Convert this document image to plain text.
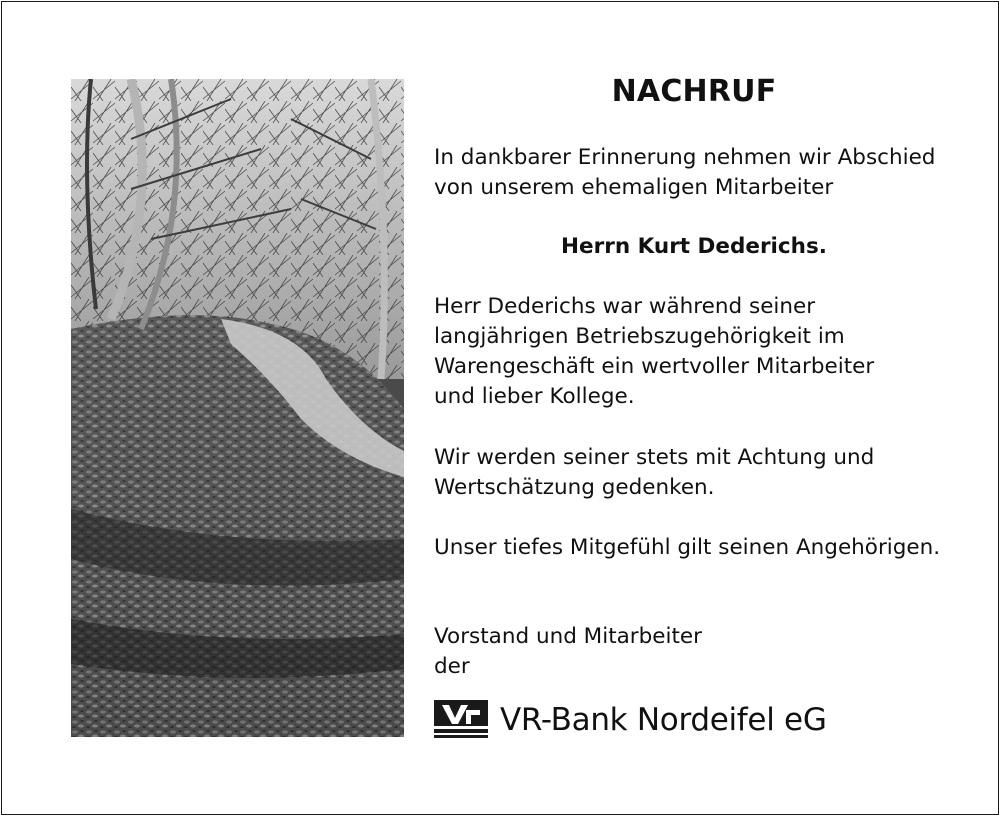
NACHRUF
In dankbarer Erinnerung nehmen wir Abschied
von unserem ehemaligen Mitarbeiter
Herrn Kurt Dederichs.
Herr Dederichs war während seiner
langjährigen Betriebszugehörigkeit im
Warengeschäft ein wertvoller Mitarbeiter
und lieber Kollege.
Wir werden seiner stets mit Achtung und
Wertschätzung gedenken.
Unser tiefes Mitgefühl gilt seinen Angehörigen.
Vorstand und Mitarbeiter
der
VR-Bank Nordeifel eG
